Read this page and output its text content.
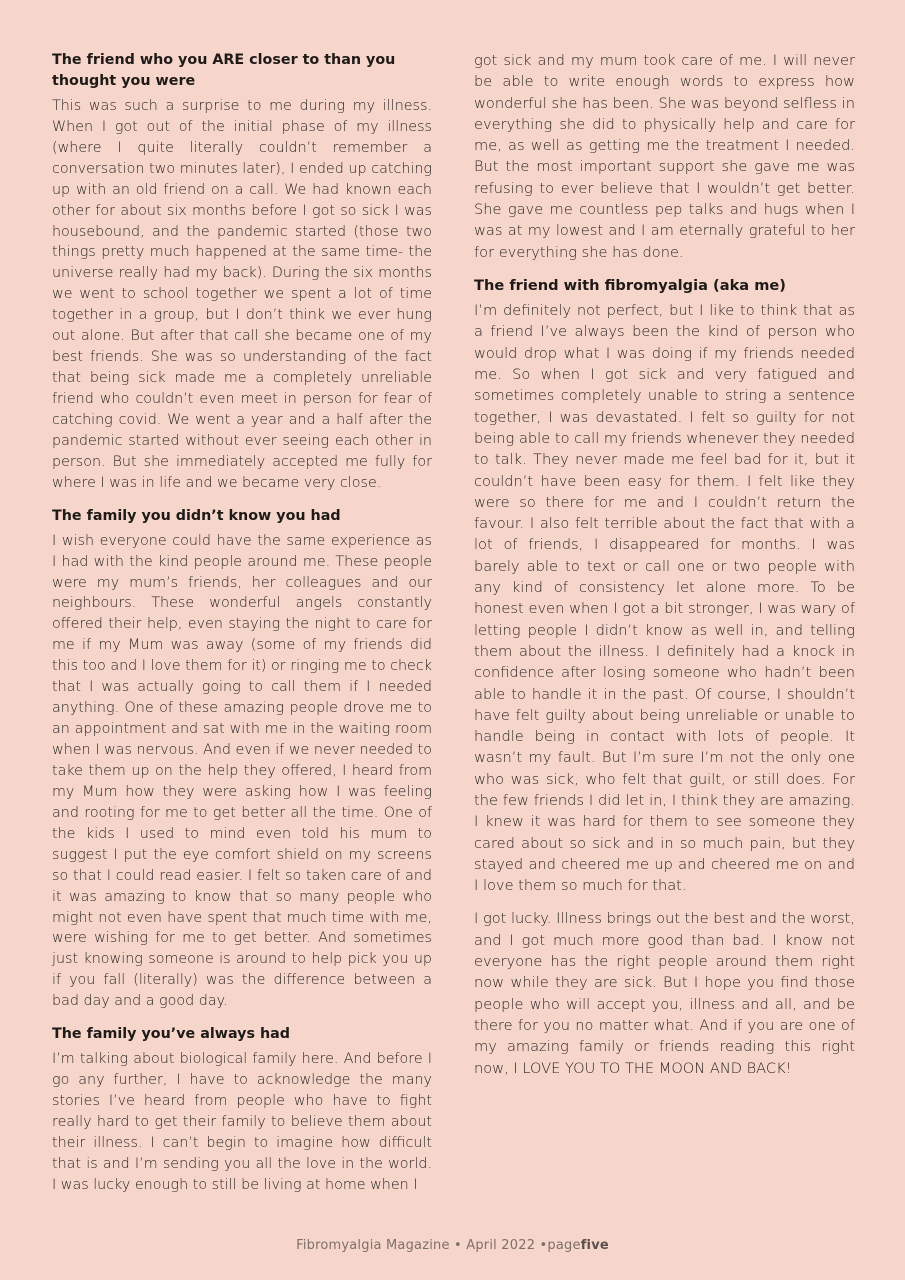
The friend who you ARE closer to than you thought you were

This was such a surprise to me during my illness. When I got out of the initial phase of my illness (where I quite literally couldn’t remember a conversation two minutes later), I ended up catching up with an old friend on a call. We had known each other for about six months before I got so sick I was housebound, and the pandemic started (those two things pretty much happened at the same time- the universe really had my back). During the six months we went to school together we spent a lot of time together in a group, but I don’t think we ever hung out alone. But after that call she became one of my best friends. She was so understanding of the fact that being sick made me a completely unreliable friend who couldn’t even meet in person for fear of catching covid. We went a year and a half after the pandemic started without ever seeing each other in person. But she immediately accepted me fully for where I was in life and we became very close.

The family you didn’t know you had

I wish everyone could have the same experience as I had with the kind people around me. These people were my mum’s friends, her colleagues and our neighbours. These wonderful angels constantly offered their help, even staying the night to care for me if my Mum was away (some of my friends did this too and I love them for it) or ringing me to check that I was actually going to call them if I needed anything. One of these amazing people drove me to an appointment and sat with me in the waiting room when I was nervous. And even if we never needed to take them up on the help they offered, I heard from my Mum how they were asking how I was feeling and rooting for me to get better all the time. One of the kids I used to mind even told his mum to suggest I put the eye comfort shield on my screens so that I could read easier. I felt so taken care of and it was amazing to know that so many people who might not even have spent that much time with me, were wishing for me to get better. And sometimes just knowing someone is around to help pick you up if you fall (literally) was the difference between a bad day and a good day.

The family you’ve always had

I’m talking about biological family here. And before I go any further, I have to acknowledge the many stories I’ve heard from people who have to fight really hard to get their family to believe them about their illness. I can’t begin to imagine how difficult that is and I’m sending you all the love in the world. I was lucky enough to still be living at home when I

got sick and my mum took care of me. I will never be able to write enough words to express how wonderful she has been. She was beyond selfless in everything she did to physically help and care for me, as well as getting me the treatment I needed. But the most important support she gave me was refusing to ever believe that I wouldn’t get better. She gave me countless pep talks and hugs when I was at my lowest and I am eternally grateful to her for everything she has done.

The friend with fibromyalgia (aka me)

I’m definitely not perfect, but I like to think that as a friend I’ve always been the kind of person who would drop what I was doing if my friends needed me. So when I got sick and very fatigued and sometimes completely unable to string a sentence together, I was devastated. I felt so guilty for not being able to call my friends whenever they needed to talk. They never made me feel bad for it, but it couldn’t have been easy for them. I felt like they were so there for me and I couldn’t return the favour. I also felt terrible about the fact that with a lot of friends, I disappeared for months. I was barely able to text or call one or two people with any kind of consistency let alone more. To be honest even when I got a bit stronger, I was wary of letting people I didn’t know as well in, and telling them about the illness. I definitely had a knock in confidence after losing someone who hadn’t been able to handle it in the past. Of course, I shouldn’t have felt guilty about being unreliable or unable to handle being in contact with lots of people. It wasn’t my fault. But I’m sure I’m not the only one who was sick, who felt that guilt, or still does. For the few friends I did let in, I think they are amazing. I knew it was hard for them to see someone they cared about so sick and in so much pain, but they stayed and cheered me up and cheered me on and I love them so much for that.

I got lucky. Illness brings out the best and the worst, and I got much more good than bad. I know not everyone has the right people around them right now while they are sick. But I hope you find those people who will accept you, illness and all, and be there for you no matter what. And if you are one of my amazing family or friends reading this right now, I LOVE YOU TO THE MOON AND BACK!

Fibromyalgia Magazine • April 2022 •pagefive
